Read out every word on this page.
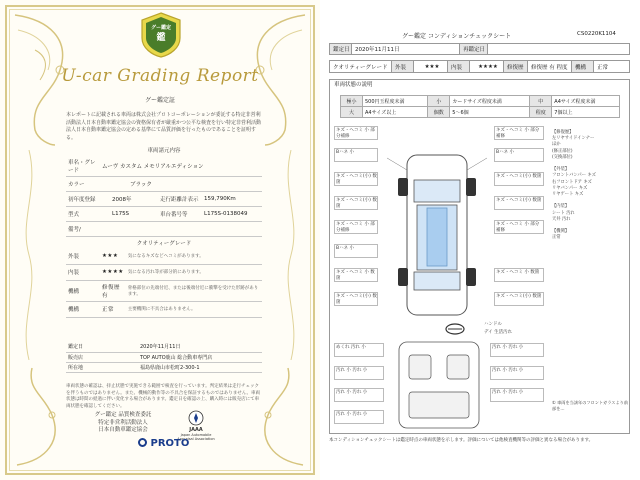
鑑
グー鑑定
U-car Grading Report
グー鑑定証
本レポートに記載される車両は株式会社プロトコーポレーションが委託する特定非営利活動法人日本自動車鑑定協会の資格保有者が厳重かつ公平な検査を行い特定非営利活動法人日本自動車鑑定協会の定める基準にて品質評価を行ったものであることを証明する。
車両諸元内容
車名・グレード	ムーヴ カスタム メモリアルエディション		
カラー	ブラック		
初年度登録	2008年	走行距離計表示	159,790Km
型式	L175S	車台番号等	L175S-0138049
備考/			
クオリティーグレード
外装	★★★	気になるキズなどヘコミがあります。
内装	★★★★	気になる汚れ等が部分的にあります。
機構	修復歴有	骨格部位の先端付近、または後端付近に衝撃を受けた形跡があります。
機構	正常	主要機関に不具合はありません。
鑑定日	2020年11月11日
販売店	TOP AUTO鹿山 総合動車専門店
所在地	福島県鹿山市松町2-300-1
車両状態の確認は、拝止状態で実施できる範囲で検査を行っています。判定結果は走行チェックを伴うものではありません。また、機械的動作等の不具合を保証するものではありません。車両状態は時間の経過に伴い変化する場合があります。鑑定日を確認の上、購入時には販売店にて車両状態を確認してください。
グー鑑定 品質検査委託
特定非営利活動法人
日本自動車鑑定協会	JAAA
Japan Automobile Appraisal Association
PROTO
グー鑑定 コンディションチェックシート	CS0220K1104
鑑定日 2020年11月11日	再鑑定日
クオリティーグレード	外装	★★★	内装	★★★★	修復歴	修復歴 有 程度	機構	正常
車両状態の説明
極小	500円玉程度未満	小	カードサイズ程度未満	中	A4サイズ程度未満
大	A4サイズ以上	個数	5～6個	程度	7個以上
キズ・ヘコミ 小 部分補修
Bハネ 小
キズ・ヘコミ(小) 数箇
キズ・ヘコミ(小) 数箇
キズ・ヘコミ 小 部分補修
Bハネ 小
キズ・ヘコミ 小 数箇
キズ・ヘコミ(小) 数箇
キズ・ヘコミ 小 部分補修
Bハネ 小
キズ・ヘコミ(小) 数箇
キズ・ヘコミ(小) 数箇
キズ・ヘコミ 小 部分補修
キズ・ヘコミ 小 数箇
キズ・ヘコミ(小) 数箇
ハンドル
デイ 生活汚れ
めくれ 汚れ 小
汚れ 小 汚れ 小
汚れ 小 汚れ 小
汚れ 小 汚れ 小
汚れ 小 汚れ 小
汚れ 小 汚れ 小
汚れ 小 汚れ 小
【修復歴】
左リヤサイドインナー
ほか
(修正部位)
(交換部位)

【外装】
フロントバンパー キズ
右フロントドア キズ
リヤバンパー キズ
リヤゲート キズ

【内装】
シート 汚れ
天井 汚れ

【機関】
正常
① 車両を当該年のフロントガラスより前部を…
本コンディションチェックシートは鑑定時点の車両状態を示します。評価については他検査機関等の評価と異なる場合があります。
